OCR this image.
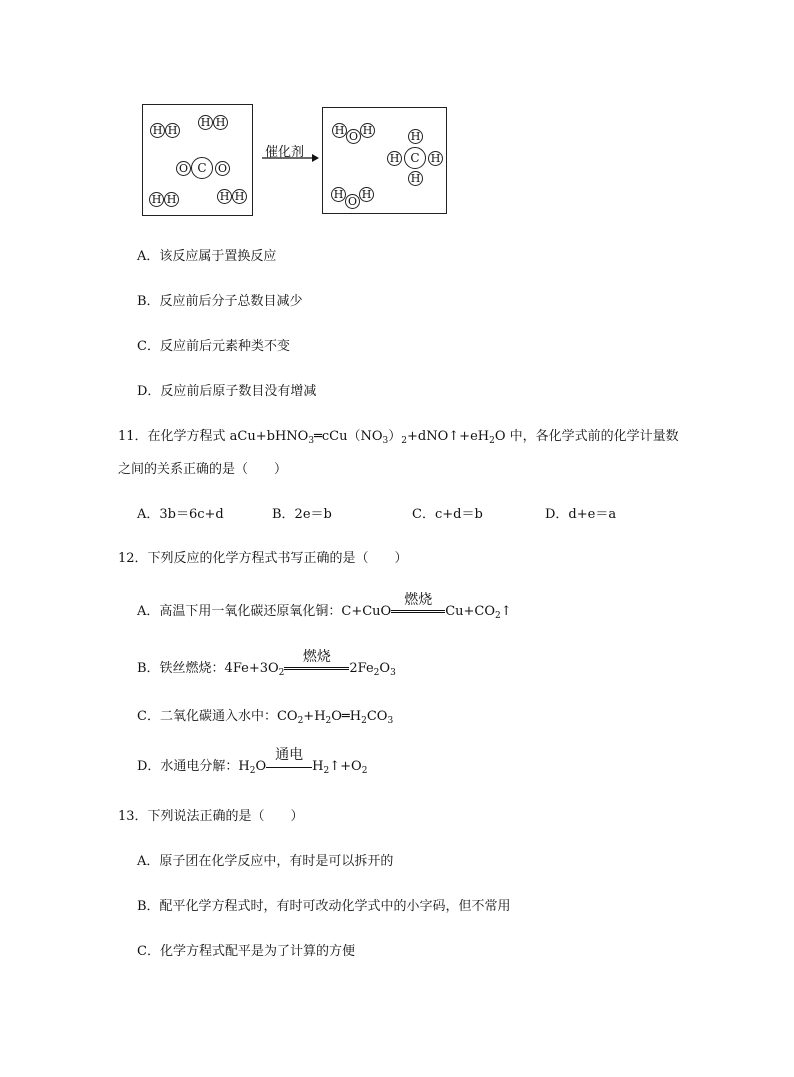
H H
H H
O C	O
H H	H H
催化剂
H O H	H
H C	H
H
H
O
H
A．该反应属于置换反应
B．反应前后分子总数目减少
C．反应前后元素种类不变
D．反应前后原子数目没有增减
11．在化学方程式 $aCu+bHNO_3═cCu(NO_3)_2+dNO↑+eH_2O$ 中，各化学式前的化学计量数
之间的关系正确的是（　　）
A．3b＝6c+d	B．2e＝b	C．c+d＝b	D．d+e＝a
12．下列反应的化学方程式书写正确的是（　　）
A．高温下用一氧化碳还原氧化铜：C+CuO
燃烧
$Cu+CO_2↑$
B．铁丝燃烧：$4Fe+3O_2$
燃烧
$2Fe_2O_3$
C．二氧化碳通入水中：$CO_2+H_2O═H_2CO_3$
D．水通电分解：$H_2O$
通电
$H_2↑+O_2$
13．下列说法正确的是（　　）
A．原子团在化学反应中，有时是可以拆开的
B．配平化学方程式时，有时可改动化学式中的小字码，但不常用
C．化学方程式配平是为了计算的方便
